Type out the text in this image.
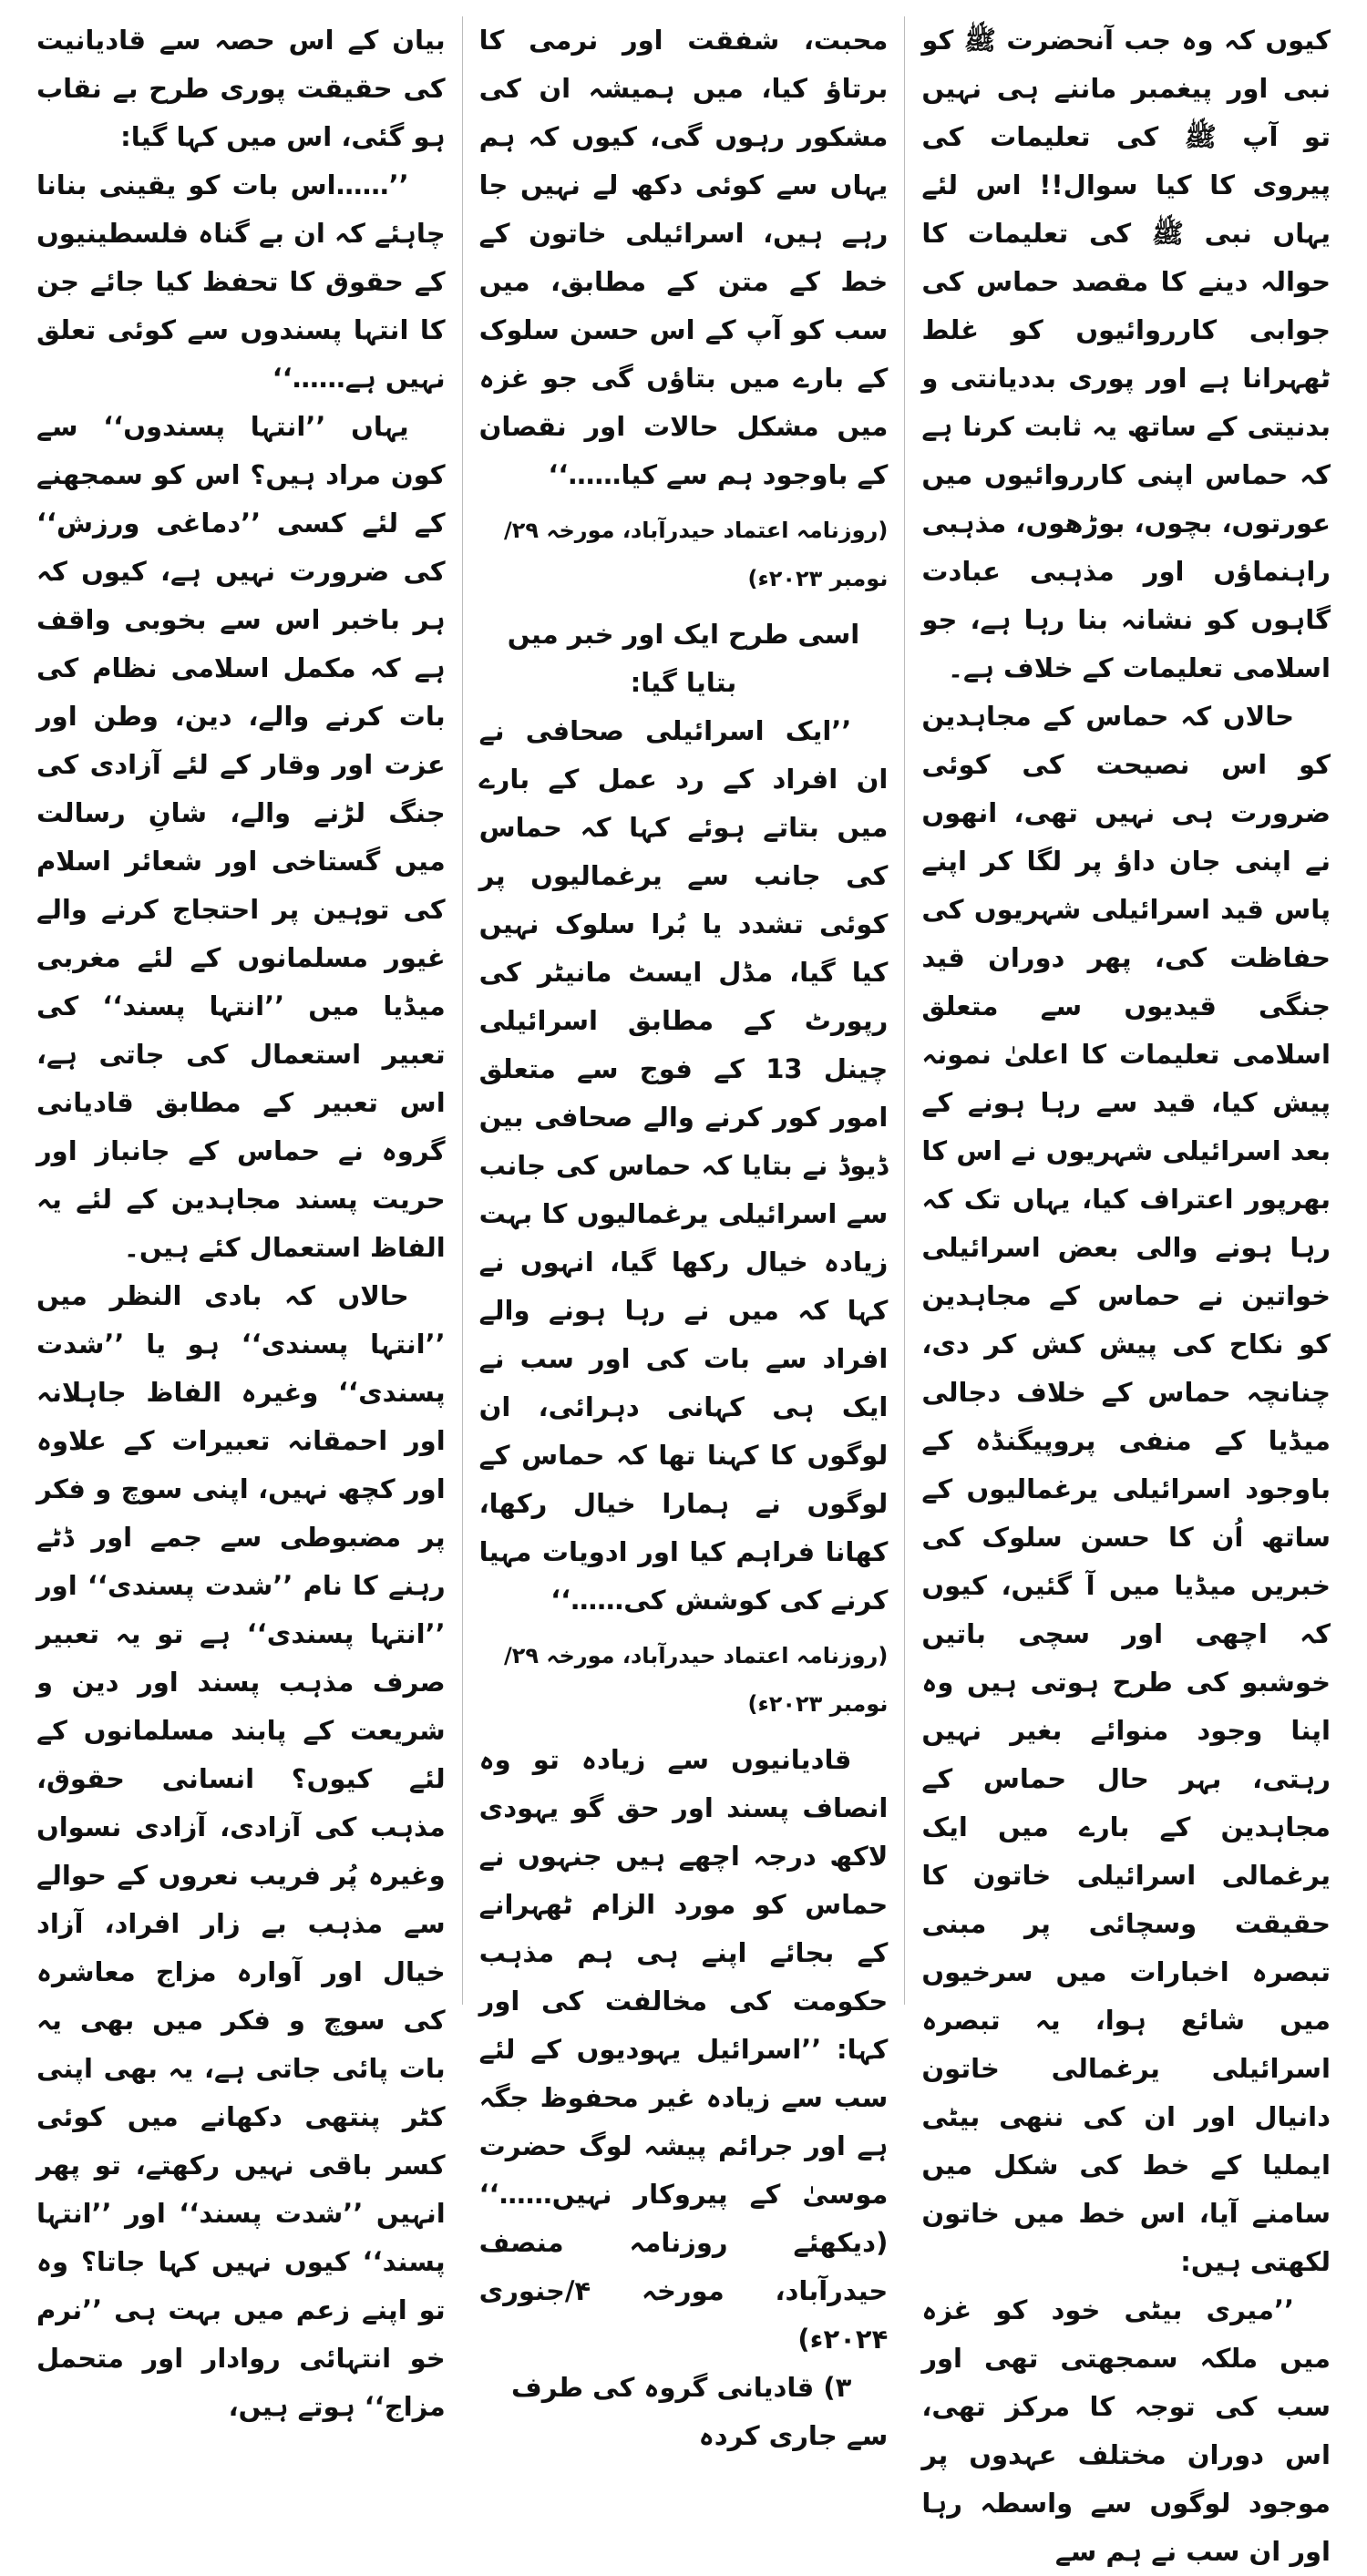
کیوں کہ وہ جب آنحضرت ﷺ کو نبی اور پیغمبر ماننے ہی نہیں تو آپ ﷺ کی تعلیمات کی پیروی کا کیا سوال!! اس لئے یہاں نبی ﷺ کی تعلیمات کا حوالہ دینے کا مقصد حماس کی جوابی کارروائیوں کو غلط ٹھہرانا ہے اور پوری بددیانتی و بدنیتی کے ساتھ یہ ثابت کرنا ہے کہ حماس اپنی کارروائیوں میں عورتوں، بچوں، بوڑھوں، مذہبی راہنماؤں اور مذہبی عبادت گاہوں کو نشانہ بنا رہا ہے، جو اسلامی تعلیمات کے خلاف ہے۔

حالاں کہ حماس کے مجاہدین کو اس نصیحت کی کوئی ضرورت ہی نہیں تھی، انھوں نے اپنی جان داؤ پر لگا کر اپنے پاس قید اسرائیلی شہریوں کی حفاظت کی، پھر دوران قید جنگی قیدیوں سے متعلق اسلامی تعلیمات کا اعلیٰ نمونہ پیش کیا، قید سے رہا ہونے کے بعد اسرائیلی شہریوں نے اس کا بھرپور اعتراف کیا، یہاں تک کہ رہا ہونے والی بعض اسرائیلی خواتین نے حماس کے مجاہدین کو نکاح کی پیش کش کر دی، چنانچہ حماس کے خلاف دجالی میڈیا کے منفی پروپیگنڈہ کے باوجود اسرائیلی یرغمالیوں کے ساتھ اُن کا حسن سلوک کی خبریں میڈیا میں آ گئیں، کیوں کہ اچھی اور سچی باتیں خوشبو کی طرح ہوتی ہیں وہ اپنا وجود منوائے بغیر نہیں رہتی، بہر حال حماس کے مجاہدین کے بارے میں ایک یرغمالی اسرائیلی خاتون کا حقیقت وسچائی پر مبنی تبصرہ اخبارات میں سرخیوں میں شائع ہوا، یہ تبصرہ اسرائیلی یرغمالی خاتون دانیال اور ان کی ننھی بیٹی ایملیا کے خط کی شکل میں سامنے آیا، اس خط میں خاتون لکھتی ہیں:

’’میری بیٹی خود کو غزہ میں ملکہ سمجھتی تھی اور سب کی توجہ کا مرکز تھی، اس دوران مختلف عہدوں پر موجود لوگوں سے واسطہ رہا اور ان سب نے ہم سے

محبت، شفقت اور نرمی کا برتاؤ کیا، میں ہمیشہ ان کی مشکور رہوں گی، کیوں کہ ہم یہاں سے کوئی دکھ لے نہیں جا رہے ہیں، اسرائیلی خاتون کے خط کے متن کے مطابق، میں سب کو آپ کے اس حسن سلوک کے بارے میں بتاؤں گی جو غزہ میں مشکل حالات اور نقصان کے باوجود ہم سے کیا……‘‘

(روزنامہ اعتماد حیدرآباد، مورخہ ۲۹/نومبر ۲۰۲۳ء)

اسی طرح ایک اور خبر میں بتایا گیا:

’’ایک اسرائیلی صحافی نے ان افراد کے رد عمل کے بارے میں بتاتے ہوئے کہا کہ حماس کی جانب سے یرغمالیوں پر کوئی تشدد یا بُرا سلوک نہیں کیا گیا، مڈل ایسٹ مانیٹر کی رپورٹ کے مطابق اسرائیلی چینل 13 کے فوج سے متعلق امور کور کرنے والے صحافی بین ڈیوڈ نے بتایا کہ حماس کی جانب سے اسرائیلی یرغمالیوں کا بہت زیادہ خیال رکھا گیا، انہوں نے کہا کہ میں نے رہا ہونے والے افراد سے بات کی اور سب نے ایک ہی کہانی دہرائی، ان لوگوں کا کہنا تھا کہ حماس کے لوگوں نے ہمارا خیال رکھا، کھانا فراہم کیا اور ادویات مہیا کرنے کی کوشش کی……‘‘

(روزنامہ اعتماد حیدرآباد، مورخہ ۲۹/نومبر ۲۰۲۳ء)

قادیانیوں سے زیادہ تو وہ انصاف پسند اور حق گو یہودی لاکھ درجہ اچھے ہیں جنہوں نے حماس کو مورد الزام ٹھہرانے کے بجائے اپنے ہی ہم مذہب حکومت کی مخالفت کی اور کہا: ’’اسرائیل یہودیوں کے لئے سب سے زیادہ غیر محفوظ جگہ ہے اور جرائم پیشہ لوگ حضرت موسیٰ کے پیروکار نہیں……‘‘ (دیکھئے روزنامہ منصف حیدرآباد، مورخہ ۴/جنوری ۲۰۲۴ء)

۳) قادیانی گروہ کی طرف سے جاری کردہ

بیان کے اس حصہ سے قادیانیت کی حقیقت پوری طرح بے نقاب ہو گئی، اس میں کہا گیا:

’’……اس بات کو یقینی بنانا چاہئے کہ ان بے گناہ فلسطینیوں کے حقوق کا تحفظ کیا جائے جن کا انتہا پسندوں سے کوئی تعلق نہیں ہے……‘‘

یہاں ’’انتہا پسندوں‘‘ سے کون مراد ہیں؟ اس کو سمجھنے کے لئے کسی ’’دماغی ورزش‘‘ کی ضرورت نہیں ہے، کیوں کہ ہر باخبر اس سے بخوبی واقف ہے کہ مکمل اسلامی نظام کی بات کرنے والے، دین، وطن اور عزت اور وقار کے لئے آزادی کی جنگ لڑنے والے، شانِ رسالت میں گستاخی اور شعائر اسلام کی توہین پر احتجاج کرنے والے غیور مسلمانوں کے لئے مغربی میڈیا میں ’’انتہا پسند‘‘ کی تعبیر استعمال کی جاتی ہے، اس تعبیر کے مطابق قادیانی گروہ نے حماس کے جانباز اور حریت پسند مجاہدین کے لئے یہ الفاظ استعمال کئے ہیں۔

حالاں کہ بادی النظر میں ’’انتہا پسندی‘‘ ہو یا ’’شدت پسندی‘‘ وغیرہ الفاظ جاہلانہ اور احمقانہ تعبیرات کے علاوہ اور کچھ نہیں، اپنی سوچ و فکر پر مضبوطی سے جمے اور ڈٹے رہنے کا نام ’’شدت پسندی‘‘ اور ’’انتہا پسندی‘‘ ہے تو یہ تعبیر صرف مذہب پسند اور دین و شریعت کے پابند مسلمانوں کے لئے کیوں؟ انسانی حقوق، مذہب کی آزادی، آزادی نسواں وغیرہ پُر فریب نعروں کے حوالے سے مذہب بے زار افراد، آزاد خیال اور آوارہ مزاج معاشرہ کی سوچ و فکر میں بھی یہ بات پائی جاتی ہے، یہ بھی اپنی کٹر پنتھی دکھانے میں کوئی کسر باقی نہیں رکھتے، تو پھر انہیں ’’شدت پسند‘‘ اور ’’انتہا پسند‘‘ کیوں نہیں کہا جاتا؟ وہ تو اپنے زعم میں بہت ہی ’’نرم خو انتہائی روادار اور متحمل مزاج‘‘ ہوتے ہیں،
